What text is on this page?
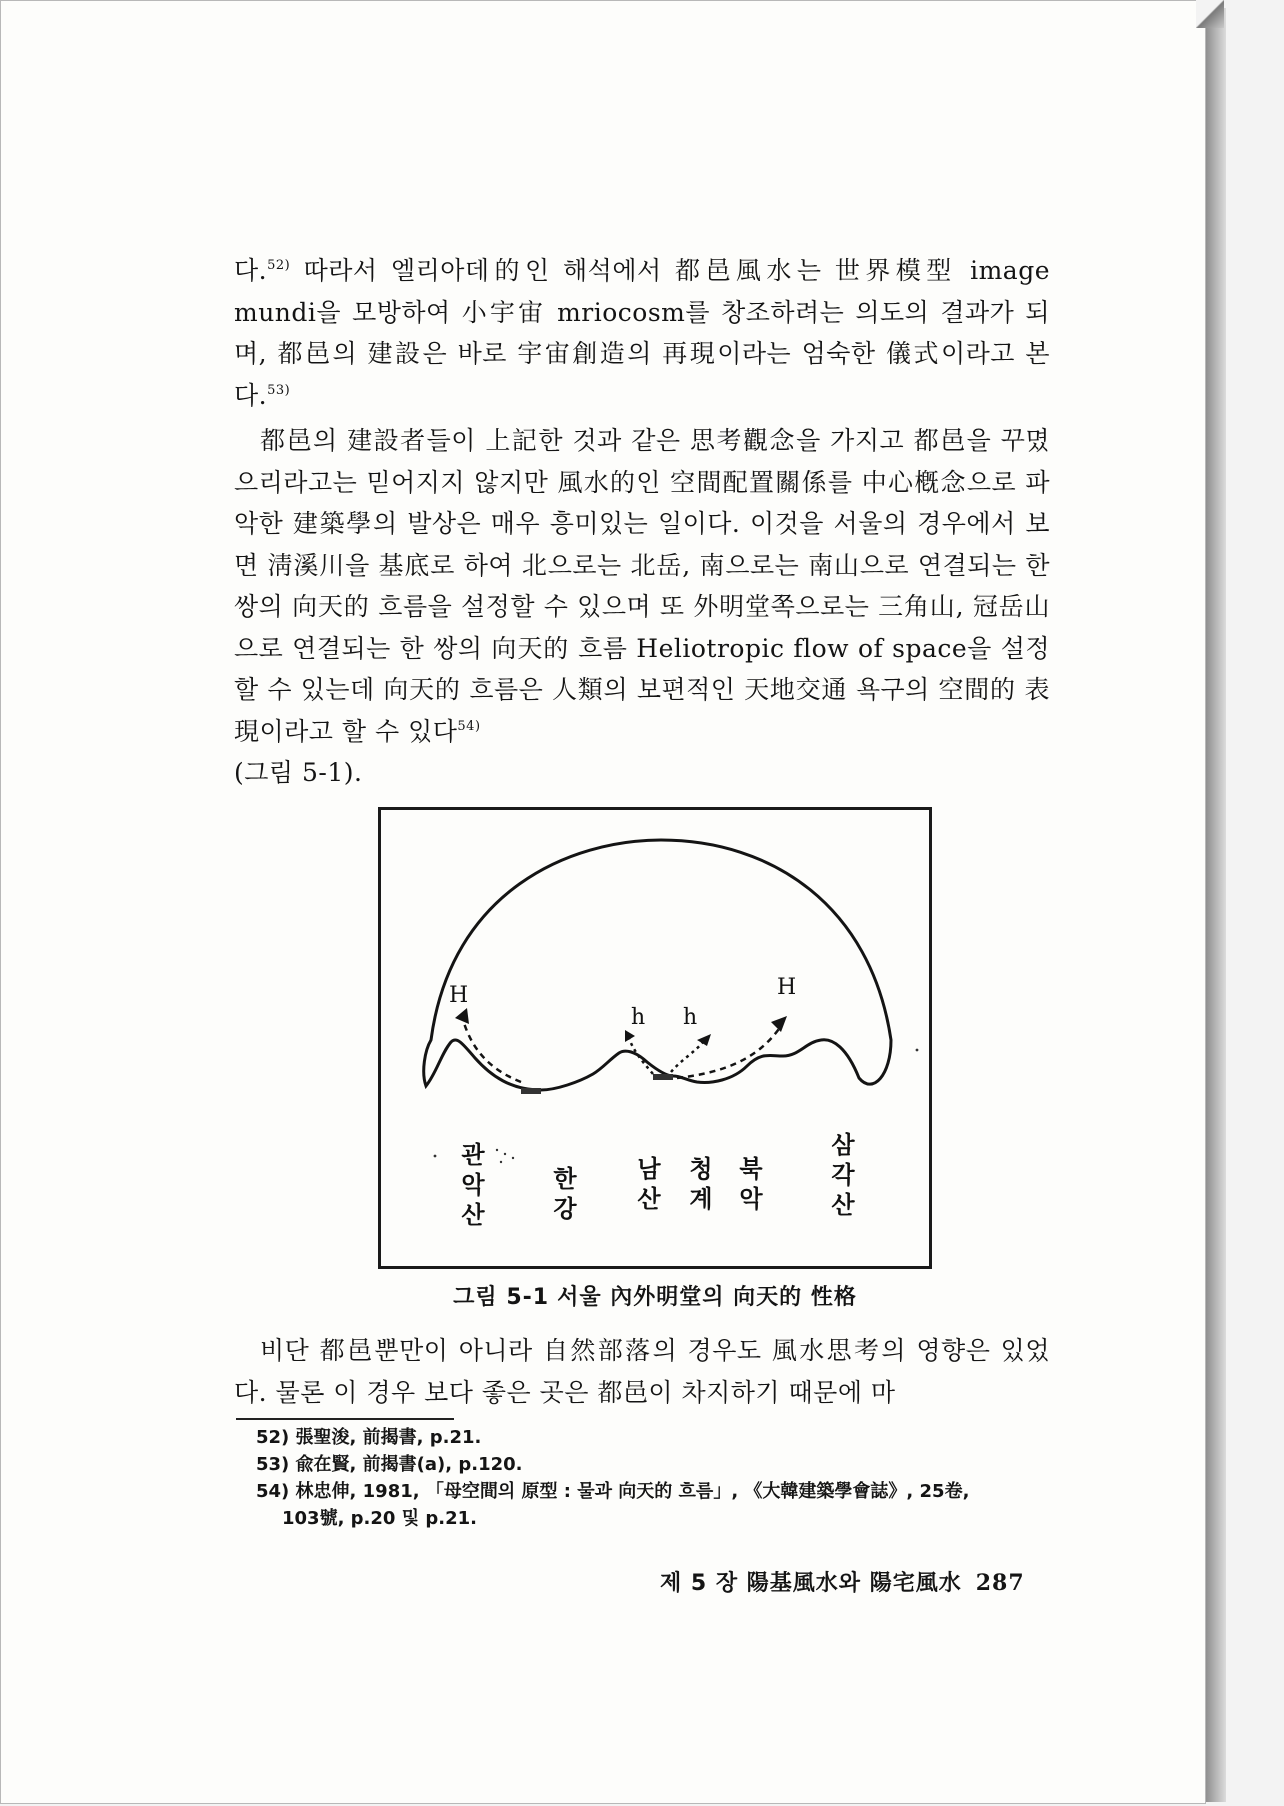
다.$^{52)}$ 따라서 엘리아데的인 해석에서 都邑風水는 世界模型 image mundi을 모방하여 小宇宙 mriocosm를 창조하려는 의도의 결과가 되며, 都邑의 建設은 바로 宇宙創造의 再現이라는 엄숙한 儀式이라고 본다.$^{53)}$

都邑의 建設者들이 上記한 것과 같은 思考觀念을 가지고 都邑을 꾸몄으리라고는 믿어지지 않지만 風水的인 空間配置關係를 中心槪念으로 파악한 建築學의 발상은 매우 흥미있는 일이다. 이것을 서울의 경우에서 보면 淸溪川을 基底로 하여 北으로는 北岳, 南으로는 南山으로 연결되는 한 쌍의 向天的 흐름을 설정할 수 있으며 또 外明堂쪽으로는 三角山, 冠岳山으로 연결되는 한 쌍의 向天的 흐름 Heliotropic flow of space을 설정할 수 있는데 向天的 흐름은 人類의 보편적인 天地交通 욕구의 空間的 表現이라고 할 수 있다$^{54)}$
(그림 5-1).

H	H
h h
관
악
산
한
강
남
산
청
계
북
악
삼
각
산
그림 5-1 서울 內外明堂의 向天的 性格

비단 都邑뿐만이 아니라 自然部落의 경우도 風水思考의 영향은 있었다. 물론 이 경우 보다 좋은 곳은 都邑이 차지하기 때문에 마

52) 張聖浚, 前揭書, p.21.

53) 兪在賢, 前揭書(a), p.120.

54) 林忠伸, 1981, 「母空間의 原型 : 물과 向天的 흐름」, 《大韓建築學會誌》, 25卷,

103號, p.20 및 p.21.

제 5 장 陽基風水와 陽宅風水 287
